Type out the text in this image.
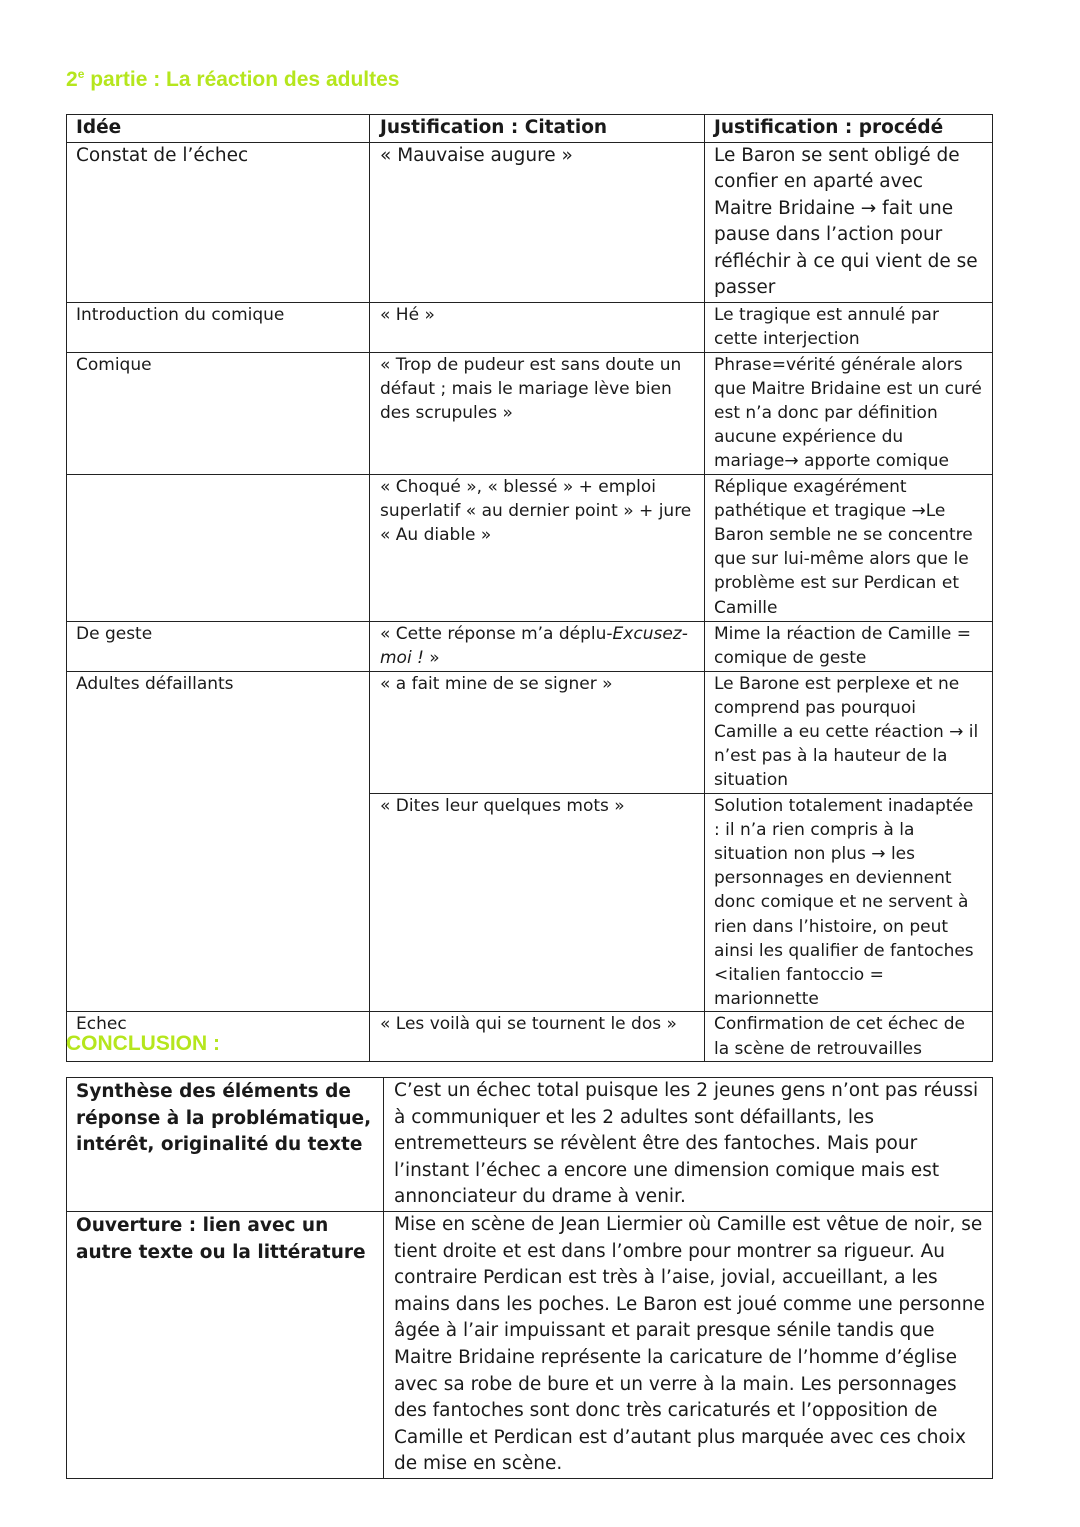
2e partie : La réaction des adultes
Idée	Justification : Citation	Justification : procédé
Constat de l’échec	« Mauvaise augure »	Le Baron se sent obligé de confier en aparté avec Maitre Bridaine → fait une pause dans l’action pour réfléchir à ce qui vient de se passer
Introduction du comique	« Hé »	Le tragique est annulé par cette interjection
Comique	« Trop de pudeur est sans doute un défaut ; mais le mariage lève bien des scrupules »	Phrase=vérité générale alors que Maitre Bridaine est un curé est n’a donc par définition aucune expérience du mariage→ apporte comique
	« Choqué », « blessé » + emploi superlatif « au dernier point » + jure « Au diable »	Réplique exagérément pathétique et tragique →Le Baron semble ne se concentre que sur lui-même alors que le problème est sur Perdican et Camille
De geste	« Cette réponse m’a déplu-Excusez-moi ! »	Mime la réaction de Camille = comique de geste
Adultes défaillants	« a fait mine de se signer »	Le Barone est perplexe et ne comprend pas pourquoi Camille a eu cette réaction → il n’est pas à la hauteur de la situation
	« Dites leur quelques mots »	Solution totalement inadaptée : il n’a rien compris à la situation non plus → les personnages en deviennent donc comique et ne servent à rien dans l’histoire, on peut ainsi les qualifier de fantoches <italien fantoccio = marionnette
Echec	« Les voilà qui se tournent le dos »	Confirmation de cet échec de la scène de retrouvailles
CONCLUSION :
Synthèse des éléments de réponse à la problématique, intérêt, originalité du texte	C’est un échec total puisque les 2 jeunes gens n’ont pas réussi à communiquer et les 2 adultes sont défaillants, les entremetteurs se révèlent être des fantoches. Mais pour l’instant l’échec a encore une dimension comique mais est annonciateur du drame à venir.
Ouverture : lien avec un autre texte ou la littérature	Mise en scène de Jean Liermier où Camille est vêtue de noir, se tient droite et est dans l’ombre pour montrer sa rigueur. Au contraire Perdican est très à l’aise, jovial, accueillant, a les mains dans les poches. Le Baron est joué comme une personne âgée à l’air impuissant et parait presque sénile tandis que Maitre Bridaine représente la caricature de l’homme d’église avec sa robe de bure et un verre à la main. Les personnages des fantoches sont donc très caricaturés et l’opposition de Camille et Perdican est d’autant plus marquée avec ces choix de mise en scène.
